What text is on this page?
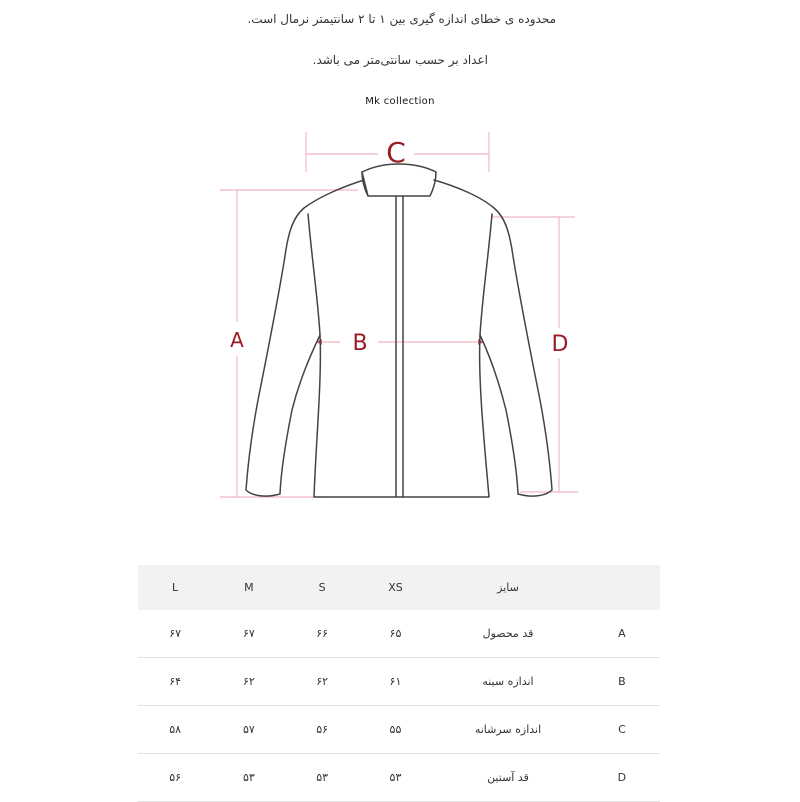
محدوده ی خطای اندازه گیری بین ۱ تا ۲ سانتیمتر نرمال است.
اعداد بر حسب سانتی‌متر می باشد.
Mk collection
C
A	B	D
L	M	S	XS	سایز	
۶۷	۶۷	۶۶	۶۵	قد محصول	A
۶۴	۶۲	۶۲	۶۱	اندازه سینه	B
۵۸	۵۷	۵۶	۵۵	اندازه سرشانه	C
۵۶	۵۳	۵۳	۵۳	قد آستین	D
